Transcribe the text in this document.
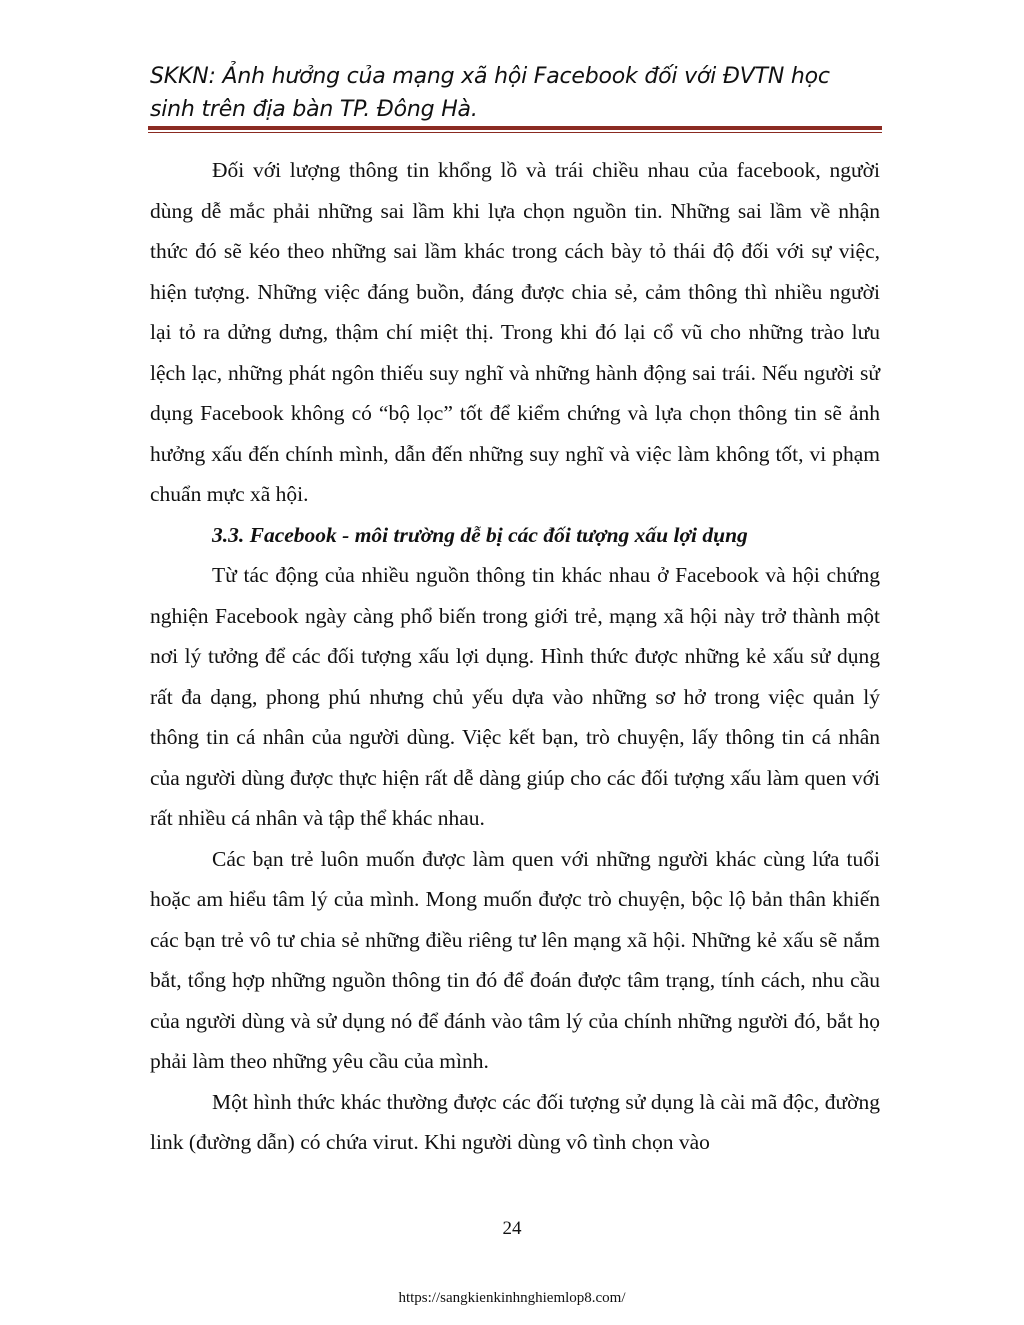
SKKN: Ảnh hưởng của mạng xã hội Facebook đối với ĐVTN học
sinh trên địa bàn TP. Đông Hà.

Đối với lượng thông tin khổng lồ và trái chiều nhau của facebook, người dùng dễ mắc phải những sai lầm khi lựa chọn nguồn tin. Những sai lầm về nhận thức đó sẽ kéo theo những sai lầm khác trong cách bày tỏ thái độ đối với sự việc, hiện tượng. Những việc đáng buồn, đáng được chia sẻ, cảm thông thì nhiều người lại tỏ ra dửng dưng, thậm chí miệt thị. Trong khi đó lại cổ vũ cho những trào lưu lệch lạc, những phát ngôn thiếu suy nghĩ và những hành động sai trái. Nếu người sử dụng Facebook không có “bộ lọc” tốt để kiểm chứng và lựa chọn thông tin sẽ ảnh hưởng xấu đến chính mình, dẫn đến những suy nghĩ và việc làm không tốt, vi phạm chuẩn mực xã hội.

3.3. Facebook - môi trường dễ bị các đối tượng xấu lợi dụng

Từ tác động của nhiều nguồn thông tin khác nhau ở Facebook và hội chứng nghiện Facebook ngày càng phổ biến trong giới trẻ, mạng xã hội này trở thành một nơi lý tưởng để các đối tượng xấu lợi dụng. Hình thức được những kẻ xấu sử dụng rất đa dạng, phong phú nhưng chủ yếu dựa vào những sơ hở trong việc quản lý thông tin cá nhân của người dùng. Việc kết bạn, trò chuyện, lấy thông tin cá nhân của người dùng được thực hiện rất dễ dàng giúp cho các đối tượng xấu làm quen với rất nhiều cá nhân và tập thể khác nhau.

Các bạn trẻ luôn muốn được làm quen với những người khác cùng lứa tuổi hoặc am hiểu tâm lý của mình. Mong muốn được trò chuyện, bộc lộ bản thân khiến các bạn trẻ vô tư chia sẻ những điều riêng tư lên mạng xã hội. Những kẻ xấu sẽ nắm bắt, tổng hợp những nguồn thông tin đó để đoán được tâm trạng, tính cách, nhu cầu của người dùng và sử dụng nó để đánh vào tâm lý của chính những người đó, bắt họ phải làm theo những yêu cầu của mình.

Một hình thức khác thường được các đối tượng sử dụng là cài mã độc, đường link (đường dẫn) có chứa virut. Khi người dùng vô tình chọn vào

24
https://sangkienkinhnghiemlop8.com/
